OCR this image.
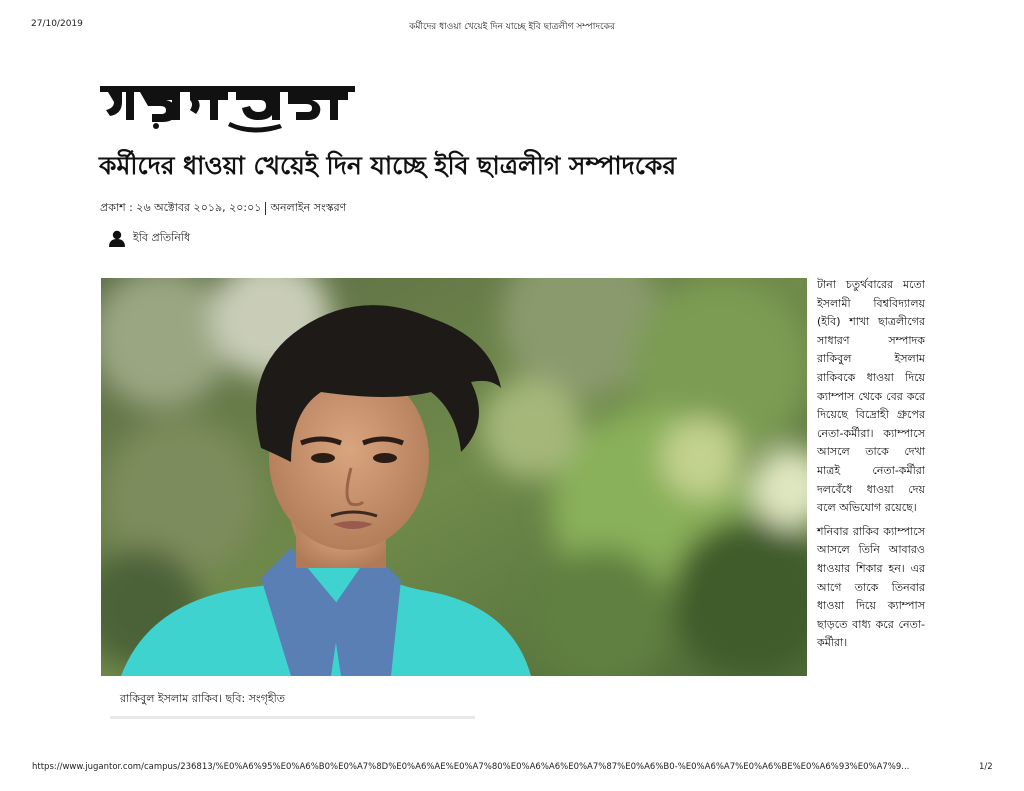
27/10/2019	কর্মীদের ধাওয়া খেয়েই দিন যাচ্ছে ইবি ছাত্রলীগ সম্পাদকের
কর্মীদের ধাওয়া খেয়েই দিন যাচ্ছে ইবি ছাত্রলীগ সম্পাদকের
প্রকাশ : ২৬ অক্টোবর ২০১৯, ২০:০১ অনলাইন সংস্করণ
ইবি প্রতিনিধি
রাকিবুল ইসলাম রাকিব। ছবি: সংগৃহীত

টানা চতুর্থবারের মতো ইসলামী বিশ্ববিদ্যালয় (ইবি) শাখা ছাত্রলীগের সাধারণ সম্পাদক রাকিবুল ইসলাম রাকিবকে ধাওয়া দিয়ে ক্যাম্পাস থেকে বের করে দিয়েছে বিদ্রোহী গ্রুপের নেতা-কর্মীরা। ক্যাম্পাসে আসলে তাকে দেখা মাত্রই নেতা-কর্মীরা দলবেঁধে ধাওয়া দেয় বলে অভিযোগ রয়েছে।

শনিবার রাকিব ক্যাম্পাসে আসলে তিনি আবারও ধাওয়ার শিকার হন। এর আগে তাকে তিনবার ধাওয়া দিয়ে ক্যাম্পাস ছাড়তে বাধ্য করে নেতা-কর্মীরা।

https://www.jugantor.com/campus/236813/%E0%A6%95%E0%A6%B0%E0%A7%8D%E0%A6%AE%E0%A7%80%E0%A6%A6%E0%A7%87%E0%A6%B0-%E0%A6%A7%E0%A6%BE%E0%A6%93%E0%A7%9...	1/2
